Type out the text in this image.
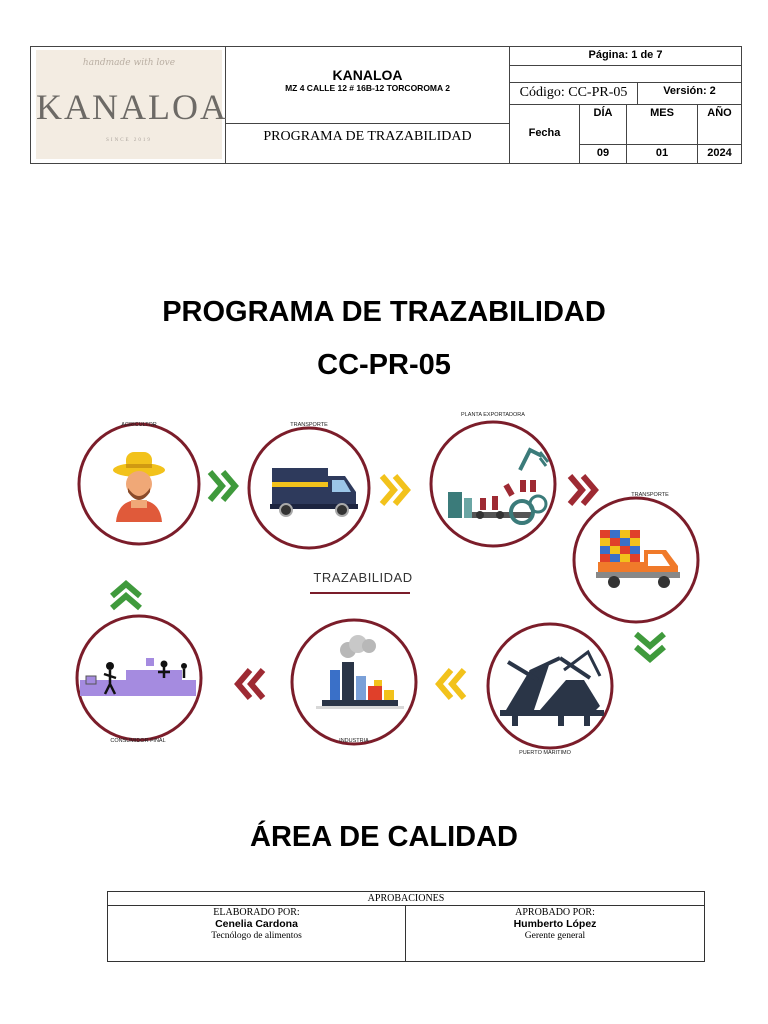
handmade with love
KANALOA
SINCE 2019
KANALOA
MZ 4 CALLE 12 # 16B-12 TORCOROMA 2
PROGRAMA DE TRAZABILIDAD
Página: 1 de 7
Código: CC-PR-05	Versión: 2
Fecha
DÍA	MES	AÑO
09	01	2024
PROGRAMA DE TRAZABILIDAD
CC-PR-05
AGRICULTOR	TRANSPORTE
PLANTA EXPORTADORA
TRANSPORTE
PUERTO MARITIMO
INDUSTRIA
CONSUMIDOR FINAL
TRAZABILIDAD
ÁREA DE CALIDAD
APROBACIONES
ELABORADO POR:
Cenelia Cardona
Tecnólogo de alimentos
APROBADO POR:
Humberto López
Gerente general
